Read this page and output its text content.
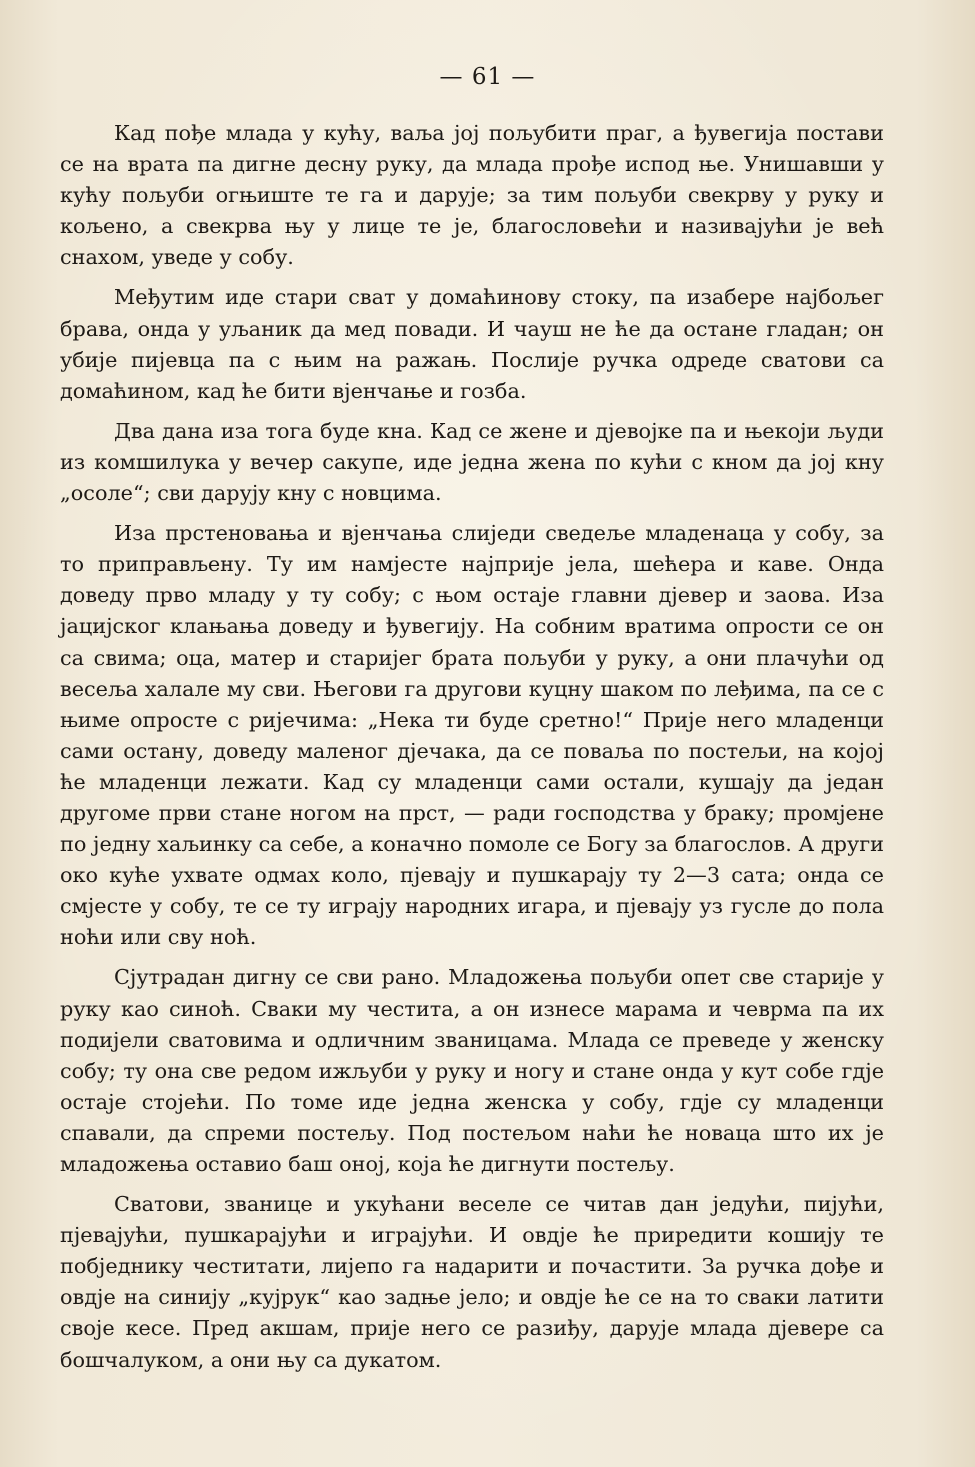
— 61 —

Кад пођe млада у кућу, ваља јој пољубити праг, а ђувегија постави се на врата па дигне десну руку, да млада прође испод ње. Унишавши у кућу пољуби огњиште те га и дарује; за тим пољуби свекрву у руку и кољено, а свекрва њу у лице те је, благословећи и називајући је већ снахом, уведе у собу.

Међутим иде стари сват у домаћинову стоку, па изабере најбољег брава, онда у уљаник да мед повади. И чауш не ће да остане гладан; он убије пијевца па с њим на ражањ. Послије ручка одреде сватови са домаћином, кад ће бити вјенчање и гозба.

Два дана иза тога буде кна. Кад се жене и дјевојке па и њекоји људи из комшилука у вечер сакупе, иде једна жена по кући с кном да јој кну „осоле“; сви дарују кну с новцима.

Иза прстеновања и вјенчања слиједи сведеље младенаца у собу, за то приправљену. Ту им намјесте најприје јела, шећера и каве. Онда доведу прво младу у ту собу; с њом остаје главни дјевер и заова. Иза јацијског клањања доведу и ђувегију. На собним вратима опрости се он са свима; оца, матер и старијег брата пољуби у руку, а они плачући од весеља халале му сви. Његови га другови куцну шаком по леђима, па се с њиме опросте с ријечима: „Нека ти буде сретно!“ Прије него младенци сами остану, доведу маленог дјечака, да се поваља по постељи, на којој ће младенци лежати. Кад су младенци сами остали, кушају да један другоме први стане ногом на прст, — ради господства у браку; промјене по једну хаљинку са себе, а коначно помоле се Богу за благослов. А други око куће ухвате одмах коло, пјевају и пушкарају ту 2—3 сата; онда се смјесте у собу, те се ту играју народних игара, и пјевају уз гусле до пола ноћи или сву ноћ.

Сјутрадан дигну се сви рано. Младожења пољуби опет све старије у руку као синоћ. Сваки му честита, а он изнесе марама и чеврма па их подијели сватовима и одличним званицама. Млада се преведе у женску собу; ту она све редом ижљуби у руку и ногу и стане онда у кут собе гдје остаје стојећи. По томе иде једна женска у собу, гдје су младенци спавали, да спреми постељу. Под постељом наћи ће новаца што их је младожења оставио баш оној, која ће дигнути постељу.

Сватови, званице и укућани веселе се читав дан једући, пијући, пјевајући, пушкарајући и играјући. И овдје ће приредити кошију те побједнику честитати, лијепо га надарити и почастити. За ручка дође и овдје на синију „кујрук“ као задње јело; и овдје ће се на то сваки латити своје кесе. Пред акшам, прије него се разиђу, дарује млада дјевере са бошчалуком, а они њу са дукатом.
